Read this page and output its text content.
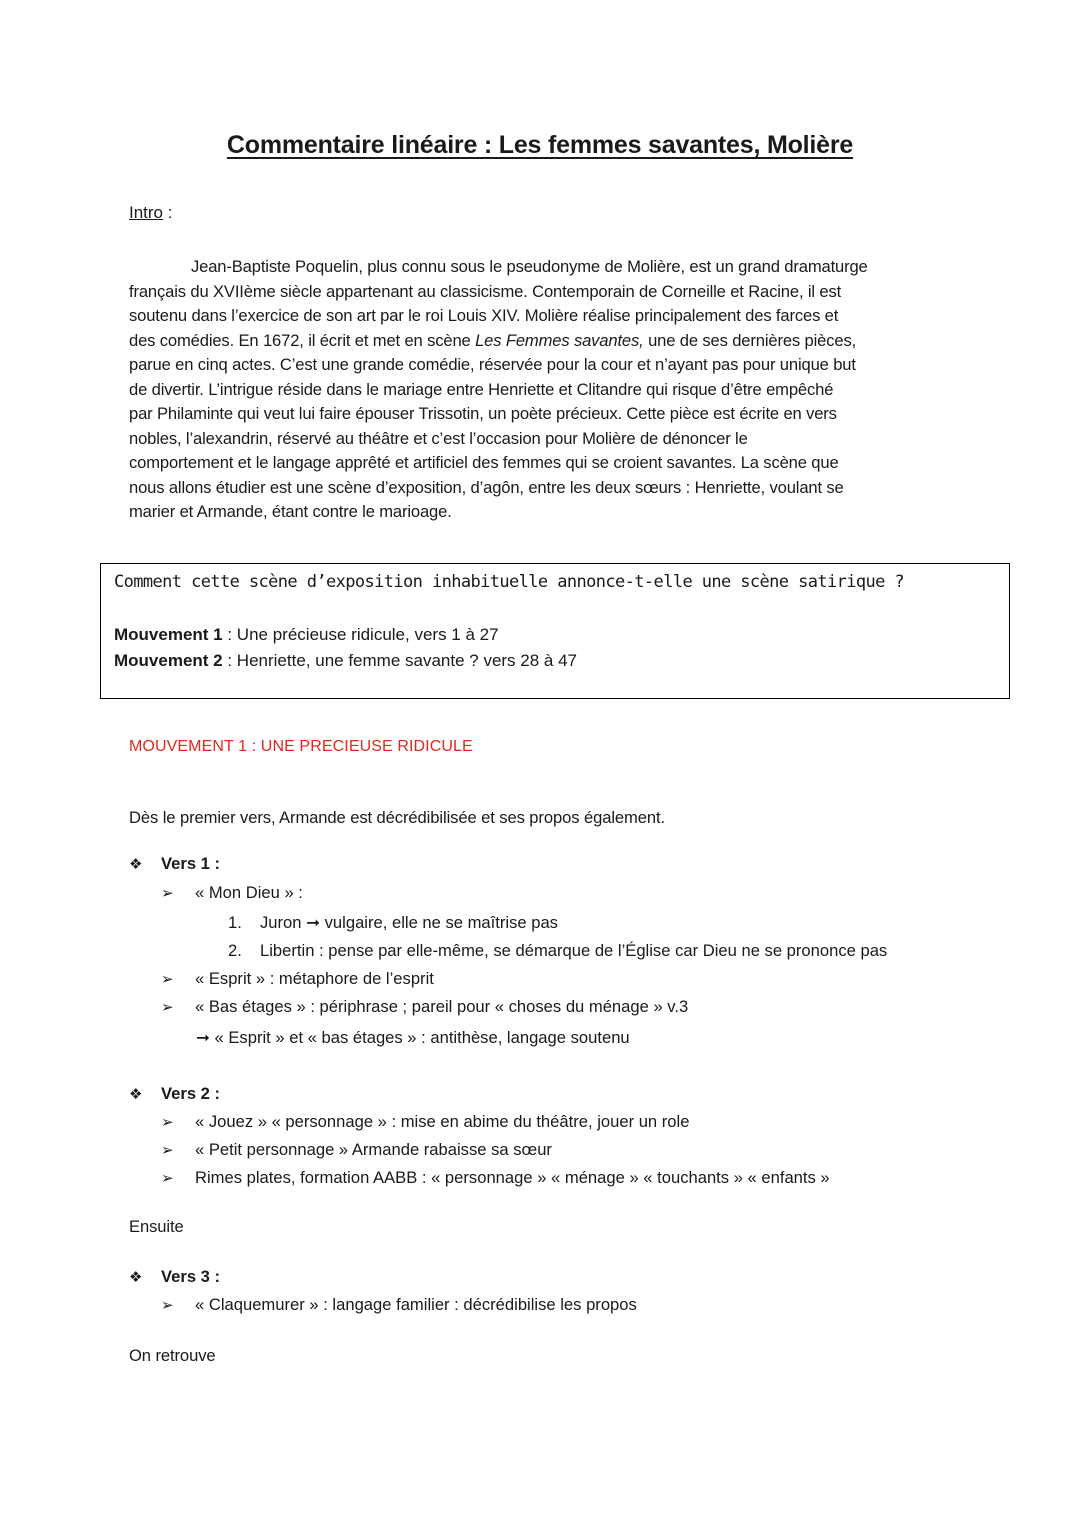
Commentaire linéaire : Les femmes savantes, Molière
Intro :
Jean-Baptiste Poquelin, plus connu sous le pseudonyme de Molière, est un grand dramaturge
français du XVIIème siècle appartenant au classicisme. Contemporain de Corneille et Racine, il est
soutenu dans l’exercice de son art par le roi Louis XIV. Molière réalise principalement des farces et
des comédies. En 1672, il écrit et met en scène Les Femmes savantes, une de ses dernières pièces,
parue en cinq actes. C’est une grande comédie, réservée pour la cour et n’ayant pas pour unique but
de divertir. L’intrigue réside dans le mariage entre Henriette et Clitandre qui risque d’être empêché
par Philaminte qui veut lui faire épouser Trissotin, un poète précieux. Cette pièce est écrite en vers
nobles, l’alexandrin, réservé au théâtre et c’est l’occasion pour Molière de dénoncer le
comportement et le langage apprêté et artificiel des femmes qui se croient savantes. La scène que
nous allons étudier est une scène d’exposition, d’agôn, entre les deux sœurs : Henriette, voulant se
marier et Armande, étant contre le marioage.
Comment cette scène d’exposition inhabituelle annonce-t-elle une scène satirique ?
Mouvement 1 : Une précieuse ridicule, vers 1 à 27
Mouvement 2 : Henriette, une femme savante ? vers 28 à 47
MOUVEMENT 1 : UNE PRECIEUSE RIDICULE
Dès le premier vers, Armande est décrédibilisée et ses propos également.
❖ Vers 1 :
➢ « Mon Dieu » :
1. Juron ➞ vulgaire, elle ne se maîtrise pas
2. Libertin : pense par elle-même, se démarque de l’Église car Dieu ne se prononce pas
➢ « Esprit » : métaphore de l’esprit
➢ « Bas étages » : périphrase ; pareil pour « choses du ménage » v.3
➞ « Esprit » et « bas étages » : antithèse, langage soutenu
❖ Vers 2 :
➢ « Jouez » « personnage » : mise en abime du théâtre, jouer un role
➢ « Petit personnage » Armande rabaisse sa sœur
➢ Rimes plates, formation AABB : « personnage » « ménage » « touchants » « enfants »
Ensuite
❖ Vers 3 :
➢ « Claquemurer » : langage familier : décrédibilise les propos
On retrouve
